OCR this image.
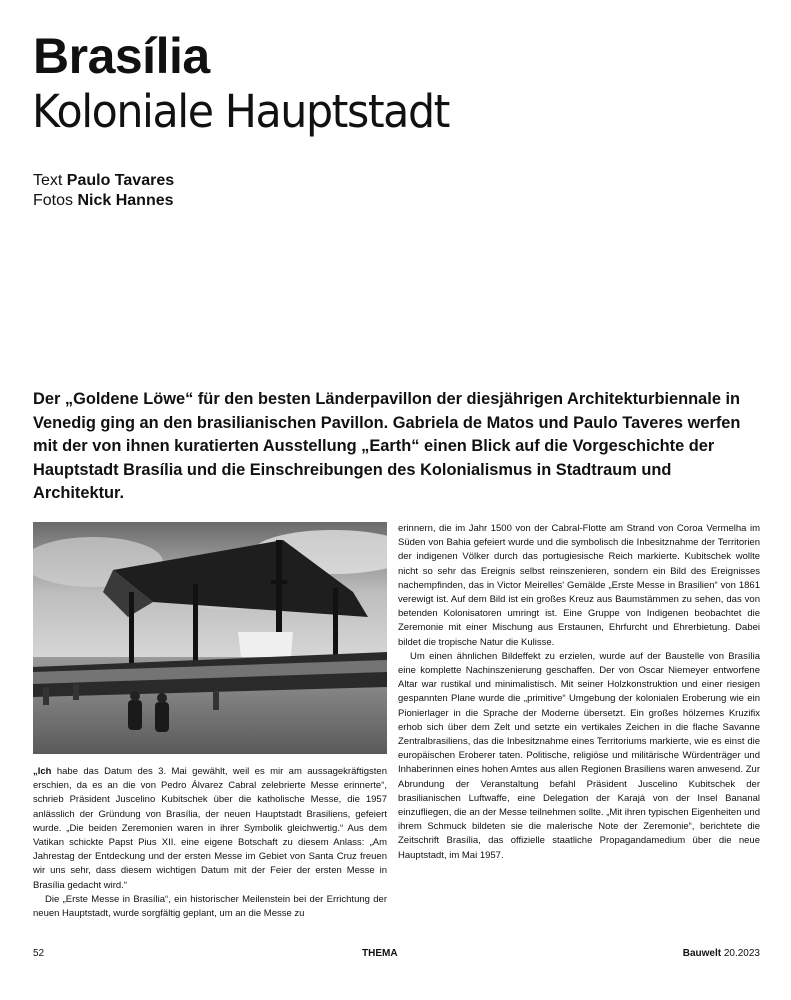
Brasília
Koloniale Hauptstadt
Text Paulo Tavares
Fotos Nick Hannes

Der „Goldene Löwe“ für den besten Länderpavillon der diesjährigen Architekturbiennale in Venedig ging an den brasilianischen Pavillon. Gabriela de Matos und Paulo Taveres werfen mit der von ihnen kuratierten Ausstellung „Earth“ einen Blick auf die Vorgeschichte der Hauptstadt Brasília und die Einschreibungen des Kolonialismus in Stadtraum und Architektur.

„Ich habe das Datum des 3. Mai gewählt, weil es mir am aussagekräftigsten erschien, da es an die von Pedro Álvarez Cabral zelebrierte Messe erinnerte“, schrieb Präsident Juscelino Kubitschek über die katholische Messe, die 1957 anlässlich der Gründung von Brasília, der neuen Hauptstadt Brasiliens, gefeiert wurde. „Die beiden Zeremonien waren in ihrer Symbolik gleichwertig.“ Aus dem Vatikan schickte Papst Pius XII. eine eigene Botschaft zu diesem Anlass: „Am Jahrestag der Entdeckung und der ersten Messe im Gebiet von Santa Cruz freuen wir uns sehr, dass diesem wichtigen Datum mit der Feier der ersten Messe in Brasília gedacht wird.“

Die „Erste Messe in Brasília“, ein historischer Meilenstein bei der Errichtung der neuen Hauptstadt, wurde sorgfältig geplant, um an die Messe zu

erinnern, die im Jahr 1500 von der Cabral-Flotte am Strand von Coroa Vermelha im Süden von Bahia gefeiert wurde und die symbolisch die Inbesitznahme der Territorien der indigenen Völker durch das portugiesische Reich markierte. Kubitschek wollte nicht so sehr das Ereignis selbst reinszenieren, sondern ein Bild des Ereignisses nachempfinden, das in Victor Meirelles' Gemälde „Erste Messe in Brasilien“ von 1861 verewigt ist. Auf dem Bild ist ein großes Kreuz aus Baumstämmen zu sehen, das von betenden Kolonisatoren umringt ist. Eine Gruppe von Indigenen beobachtet die Zeremonie mit einer Mischung aus Erstaunen, Ehrfurcht und Ehrerbietung. Dabei bildet die tropische Natur die Kulisse.

Um einen ähnlichen Bildeffekt zu erzielen, wurde auf der Baustelle von Brasília eine komplette Nachinszenierung geschaffen. Der von Oscar Niemeyer entworfene Altar war rustikal und minimalistisch. Mit seiner Holzkonstruktion und einer riesigen gespannten Plane wurde die „primitive“ Umgebung der kolonialen Eroberung wie ein Pionierlager in die Sprache der Moderne übersetzt. Ein großes hölzernes Kruzifix erhob sich über dem Zelt und setzte ein vertikales Zeichen in die flache Savanne Zentralbrasiliens, das die Inbesitznahme eines Territoriums markierte, wie es einst die europäischen Eroberer taten. Politische, religiöse und militärische Würdenträger und Inhaberinnen eines hohen Amtes aus allen Regionen Brasiliens waren anwesend. Zur Abrundung der Veranstaltung befahl Präsident Juscelino Kubitschek der brasilianischen Luftwaffe, eine Delegation der Karajá von der Insel Bananal einzufliegen, die an der Messe teilnehmen sollte. „Mit ihren typischen Eigenheiten und ihrem Schmuck bildeten sie die malerische Note der Zeremonie“, berichtete die Zeitschrift Brasília, das offizielle staatliche Propagandamedium über die neue Hauptstadt, im Mai 1957.

52	THEMA	Bauwelt 20.2023
